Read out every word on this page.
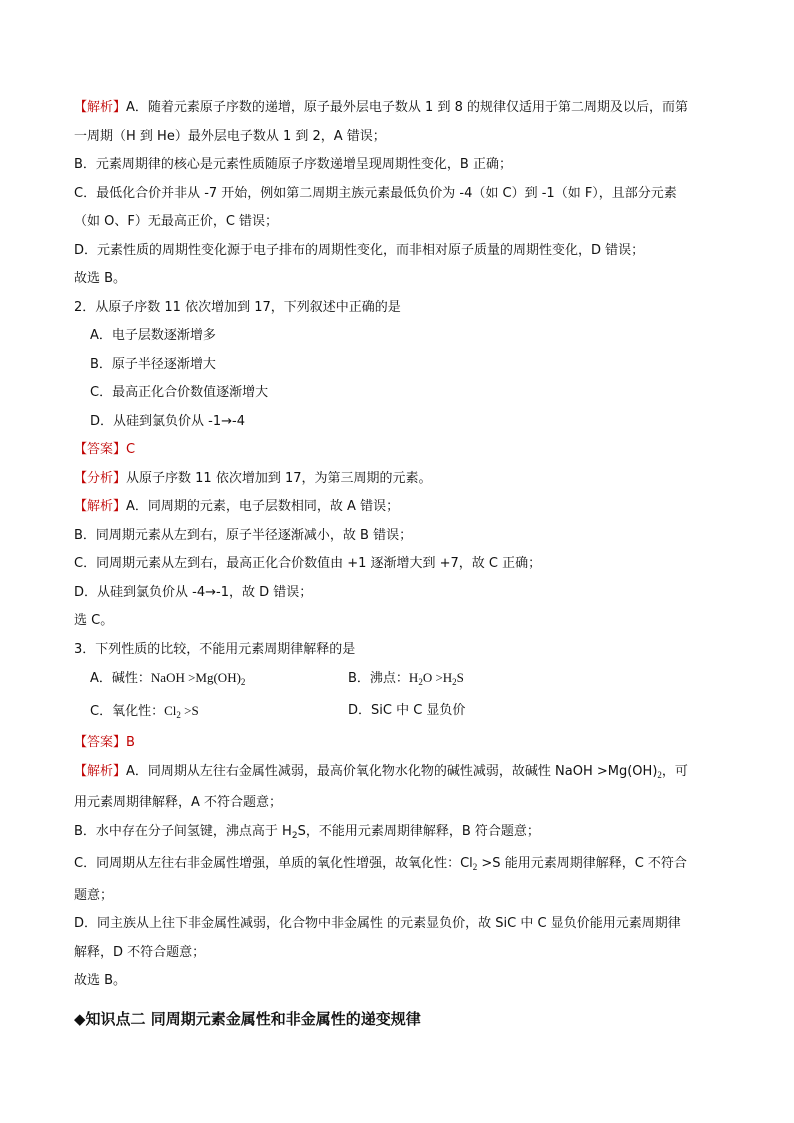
【解析】A．随着元素原子序数的递增，原子最外层电子数从 1 到 8 的规律仅适用于第二周期及以后，而第
一周期（H 到 He）最外层电子数从 1 到 2，A 错误；
B．元素周期律的核心是元素性质随原子序数递增呈现周期性变化，B 正确；
C．最低化合价并非从 -7 开始，例如第二周期主族元素最低负价为 -4（如 C）到 -1（如 F），且部分元素
（如 O、F）无最高正价，C 错误；
D．元素性质的周期性变化源于电子排布的周期性变化，而非相对原子质量的周期性变化，D 错误；
故选 B。
2．从原子序数 11 依次增加到 17，下列叙述中正确的是
A．电子层数逐渐增多
B．原子半径逐渐增大
C．最高正化合价数值逐渐增大
D．从硅到氯负价从 -1→-4
【答案】C
【分析】从原子序数 11 依次增加到 17，为第三周期的元素。
【解析】A．同周期的元素，电子层数相同，故 A 错误；
B．同周期元素从左到右，原子半径逐渐减小，故 B 错误；
C．同周期元素从左到右，最高正化合价数值由 +1 逐渐增大到 +7，故 C 正确；
D．从硅到氯负价从 -4→-1，故 D 错误；
选 C。
3．下列性质的比较，不能用元素周期律解释的是
A．碱性：NaOH $>Mg(OH)_2$	B．沸点：$H_2O >H_2S$
C．氧化性：$Cl_2 >S$	D．SiC 中 C 显负价
【答案】B
【解析】A．同周期从左往右金属性减弱，最高价氧化物水化物的碱性减弱，故碱性 NaOH $>Mg(OH)_2$，可
用元素周期律解释，A 不符合题意；
B．水中存在分子间氢键，沸点高于 $H_2S$，不能用元素周期律解释，B 符合题意；
C．同周期从左往右非金属性增强，单质的氧化性增强，故氧化性：$Cl_2 >S$ 能用元素周期律解释，C 不符合
题意；
D．同主族从上往下非金属性减弱，化合物中非金属性 的元素显负价，故 SiC 中 C 显负价能用元素周期律
解释，D 不符合题意；
故选 B。
◆知识点二 同周期元素金属性和非金属性的递变规律
